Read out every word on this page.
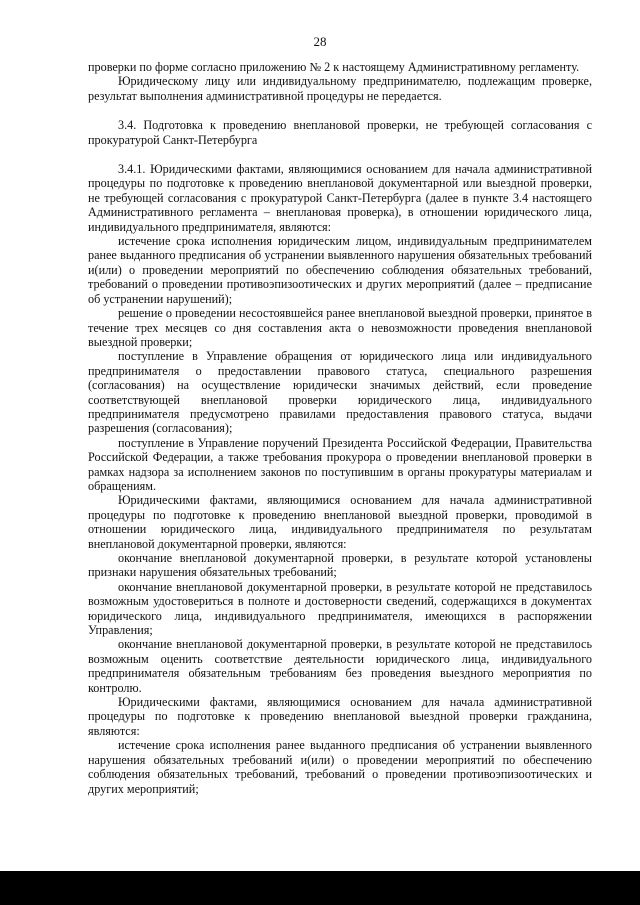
28

проверки по форме согласно приложению № 2 к настоящему Административному регламенту.

Юридическому лицу или индивидуальному предпринимателю, подлежащим проверке, результат выполнения административной процедуры не передается.

3.4. Подготовка к проведению внеплановой проверки, не требующей согласования с прокуратурой Санкт-Петербурга

3.4.1. Юридическими фактами, являющимися основанием для начала административной процедуры по подготовке к проведению внеплановой документарной или выездной проверки, не требующей согласования с прокуратурой Санкт-Петербурга (далее в пункте 3.4 настоящего Административного регламента – внеплановая проверка), в отношении юридического лица, индивидуального предпринимателя, являются:

истечение срока исполнения юридическим лицом, индивидуальным предпринимателем ранее выданного предписания об устранении выявленного нарушения обязательных требований и(или) о проведении мероприятий по обеспечению соблюдения обязательных требований, требований о проведении противоэпизоотических и других мероприятий (далее – предписание об устранении нарушений);

решение о проведении несостоявшейся ранее внеплановой выездной проверки, принятое в течение трех месяцев со дня составления акта о невозможности проведения внеплановой выездной проверки;

поступление в Управление обращения от юридического лица или индивидуального предпринимателя о предоставлении правового статуса, специального разрешения (согласования) на осуществление юридически значимых действий, если проведение соответствующей внеплановой проверки юридического лица, индивидуального предпринимателя предусмотрено правилами предоставления правового статуса, выдачи разрешения (согласования);

поступление в Управление поручений Президента Российской Федерации, Правительства Российской Федерации, а также требования прокурора о проведении внеплановой проверки в рамках надзора за исполнением законов по поступившим в органы прокуратуры материалам и обращениям.

Юридическими фактами, являющимися основанием для начала административной процедуры по подготовке к проведению внеплановой выездной проверки, проводимой в отношении юридического лица, индивидуального предпринимателя по результатам внеплановой документарной проверки, являются:

окончание внеплановой документарной проверки, в результате которой установлены признаки нарушения обязательных требований;

окончание внеплановой документарной проверки, в результате которой не представилось возможным удостовериться в полноте и достоверности сведений, содержащихся в документах юридического лица, индивидуального предпринимателя, имеющихся в распоряжении Управления;

окончание внеплановой документарной проверки, в результате которой не представилось возможным оценить соответствие деятельности юридического лица, индивидуального предпринимателя обязательным требованиям без проведения выездного мероприятия по контролю.

Юридическими фактами, являющимися основанием для начала административной процедуры по подготовке к проведению внеплановой выездной проверки гражданина, являются:

истечение срока исполнения ранее выданного предписания об устранении выявленного нарушения обязательных требований и(или) о проведении мероприятий по обеспечению соблюдения обязательных требований, требований о проведении противоэпизоотических и других мероприятий;
